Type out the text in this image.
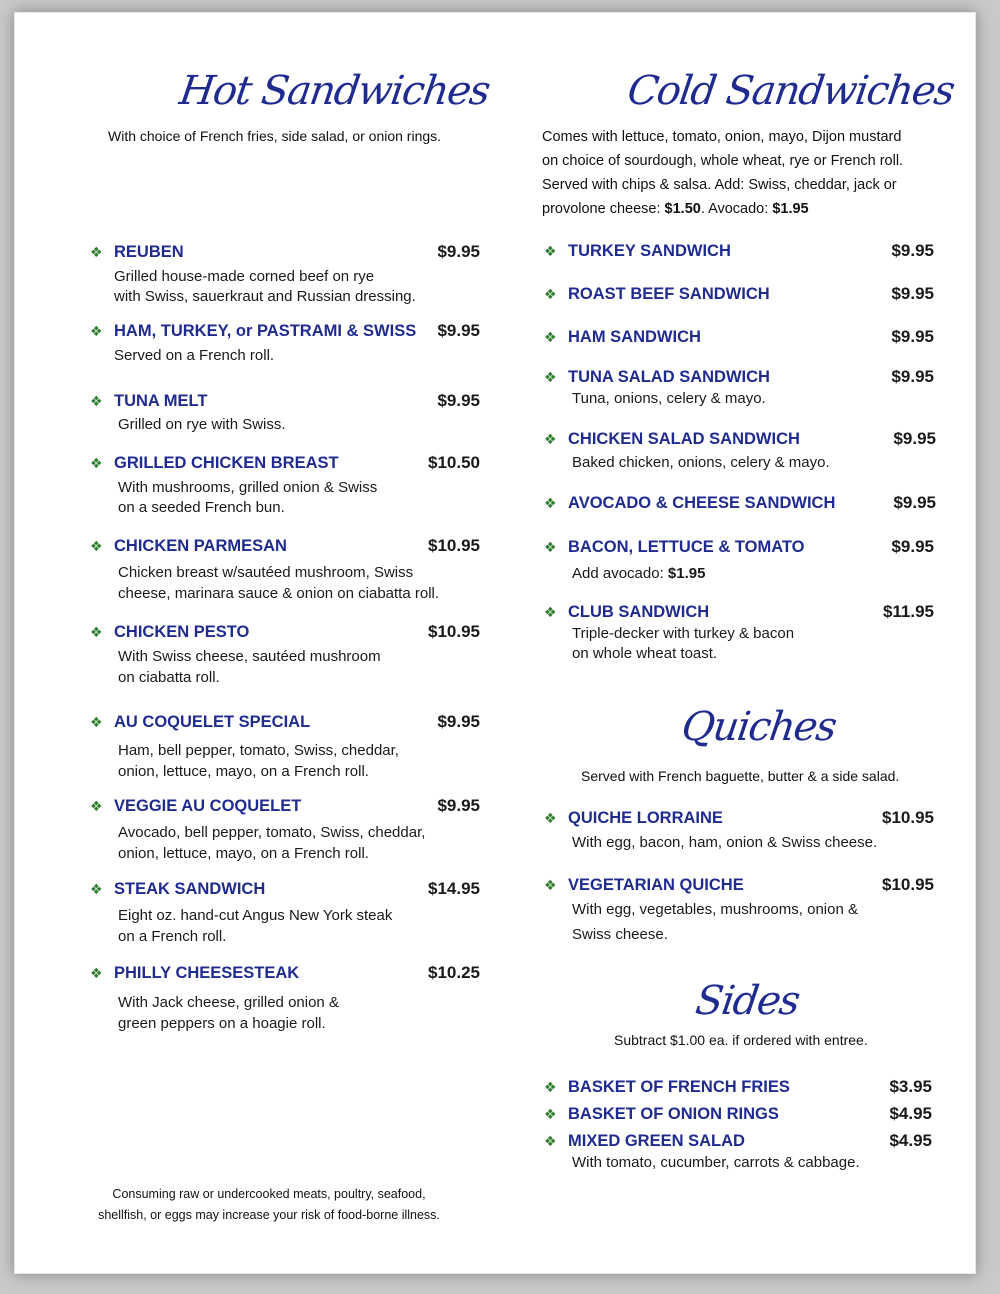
Hot Sandwiches
With choice of French fries, side salad, or onion rings.
❖ REUBEN	$9.95
Grilled house-made corned beef on rye
with Swiss, sauerkraut and Russian dressing.
❖ HAM, TURKEY, or PASTRAMI & SWISS $9.95
Served on a French roll.
❖ TUNA MELT	$9.95
Grilled on rye with Swiss.
❖ GRILLED CHICKEN BREAST	$10.50
With mushrooms, grilled onion & Swiss
on a seeded French bun.
❖ CHICKEN PARMESAN	$10.95
Chicken breast w/sautéed mushroom, Swiss
cheese, marinara sauce & onion on ciabatta roll.
❖ CHICKEN PESTO	$10.95
With Swiss cheese, sautéed mushroom
on ciabatta roll.
❖ AU COQUELET SPECIAL	$9.95
Ham, bell pepper, tomato, Swiss, cheddar,
onion, lettuce, mayo, on a French roll.
❖ VEGGIE AU COQUELET	$9.95
Avocado, bell pepper, tomato, Swiss, cheddar,
onion, lettuce, mayo, on a French roll.
❖ STEAK SANDWICH	$14.95
Eight oz. hand-cut Angus New York steak
on a French roll.
❖ PHILLY CHEESESTEAK	$10.25
With Jack cheese, grilled onion &
green peppers on a hoagie roll.
Consuming raw or undercooked meats, poultry, seafood,
shellfish, or eggs may increase your risk of food-borne illness.
Cold Sandwiches
Comes with lettuce, tomato, onion, mayo, Dijon mustard
on choice of sourdough, whole wheat, rye or French roll.
Served with chips & salsa. Add: Swiss, cheddar, jack or
provolone cheese: $1.50. Avocado: $1.95
❖ TURKEY SANDWICH	$9.95
❖ ROAST BEEF SANDWICH	$9.95
❖ HAM SANDWICH	$9.95
❖ TUNA SALAD SANDWICH	$9.95
Tuna, onions, celery & mayo.
❖ CHICKEN SALAD SANDWICH	$9.95
Baked chicken, onions, celery & mayo.
❖ AVOCADO & CHEESE SANDWICH	$9.95
❖ BACON, LETTUCE & TOMATO	$9.95
Add avocado: $1.95
❖ CLUB SANDWICH	$11.95
Triple-decker with turkey & bacon
on whole wheat toast.
Quiches
Served with French baguette, butter & a side salad.
❖ QUICHE LORRAINE	$10.95
With egg, bacon, ham, onion & Swiss cheese.
❖ VEGETARIAN QUICHE	$10.95
With egg, vegetables, mushrooms, onion &
Swiss cheese.
Sides
Subtract $1.00 ea. if ordered with entree.
❖ BASKET OF FRENCH FRIES	$3.95
❖ BASKET OF ONION RINGS	$4.95
❖ MIXED GREEN SALAD	$4.95
With tomato, cucumber, carrots & cabbage.
